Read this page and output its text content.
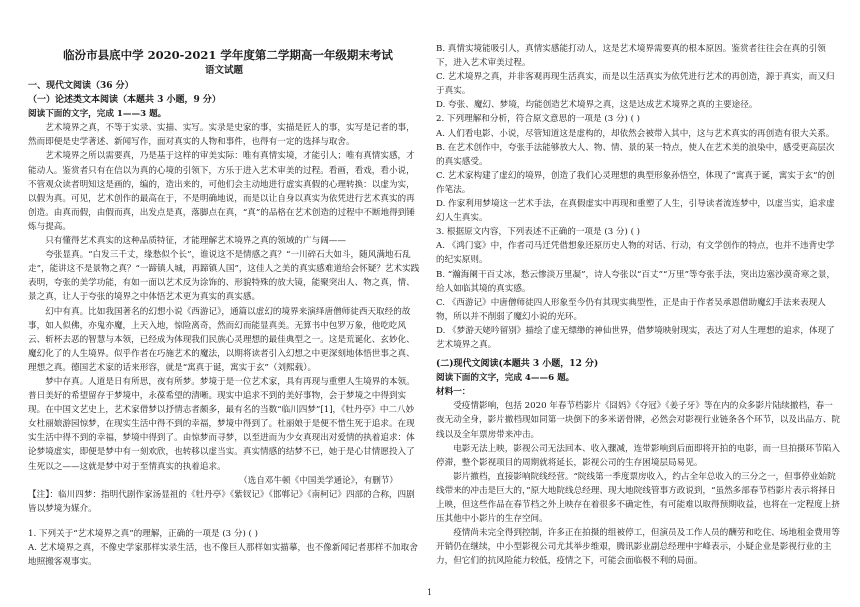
临汾市县底中学 2020-2021 学年度第二学期高一年级期末考试

语文试题

一、现代文阅读（36 分）

（一）论述类文本阅读（本题共 3 小题，9 分）

阅读下面的文字，完成 1——3 题。

艺术境界之真，不等于实录、实描、实写。实录是史家的事，实描是匠人的事，实写是记者的事，然而即便是史学著述、新闻写作，面对真实的人物和事件，也得有一定的选择与取舍。

艺术境界之所以需要真，乃是基于这样的审美实际：唯有真情实境，才能引人；唯有真情实感，才能动人。鉴赏者只有在信以为真的心境的引领下，方乐于进入艺术审美的过程。看画，看戏，看小说，不管观众读者明知这是画的，编的，造出来的，可他们会主动地进行虚实真假的心理转换：以虚为实，以假为真。可见，艺术创作的最高在于，不是明确地说，而是以让自身以真实为依凭进行艺术真实的再创造。由真而假，由假而真，出发点是真，落脚点在真，“真”的品格在艺术创造的过程中不断地得到锤炼与提高。

只有懂得艺术真实的这种品质特征，才能理解艺术境界之真的领域的广与阔——

夸张显真。“白发三千丈，缘愁似个长”，谁说这不是情感之真？“一川碎石大如斗，随风满地石乱走”，能讲这不是景物之真？“一蹄镇人城，再蹄镇人国”，这佳人之美的真实感难道给会怀疑？艺术实践表明，夸张的美学功能，有如一面以艺术反为涂饰的、形貌特殊的放大镜，能聚突出人、物之真，情、景之真，让人于夸张的境界之中体悟艺术更为真实的真实感。

幻中有真。比如我国著名的幻想小说《西游记》，通篇以虚幻的境界来演绎唐僧师徒西天取经的故事，如人似佛，亦鬼亦魔，上天入地，惊险离奇，然而幻而能显真美。无算书中包罗万象，他吃吃风云、斩杯去恶的智慧与本领，已经成为体现我们民族心灵理想的最佳典型之一。这是荒诞化、玄妙化、魔幻化了的人生境界。似乎作者在巧施艺术的魔法，以期将读者引入幻想之中更深刻地体悟世事之真、理想之真。德国艺术家的话来形容，就是“寓真于诞，寓实于玄”（刘熙载）。

梦中存真。人道是日有所思，夜有所梦。梦境于是一位艺术家，具有再现与重塑人生境界的本领。普日美好的希望留存于梦境中，永葆希望的清晰。现实中追求不到的美好事物，会于梦境之中得到实现。在中国文艺史上，艺术家借梦以抒情志者颇多，最有名的当数“临川四梦”[1]，《牡丹亭》中二八妙女杜丽娘游园惊梦，在现实生活中得不到的幸福，梦境中得到了。杜丽娘于是便不惜生死于追求。在现实生活中得不到的幸福，梦境中得到了。由惊梦而寻梦，以至进而为少女真现出对爱情的执着追求：体论梦境虚实，即便是梦中有一刻欢欣，也转移以虚当实。真实情感的结梦不已，她于是心甘情愿投入了生死以之——这就是梦中对于至情真实的执着追求。

（选自邓牛顿《中国美学通论》，有删节）

【注】：临川四梦：指明代剧作家汤显祖的《牡丹亭》《紫钗记》《邯郸记》《南柯记》四部的合称，四剧皆以梦境为媒介。

1. 下列关于“艺术境界之真”的理解，正确的一项是 (3 分) ( )

A. 艺术境界之真，不像史学家那样实录生活，也不像巨人那样如实描摹，也不像新闻记者那样不加取舍地照搬客观事实。

B. 真情实境能吸引人，真情实感能打动人，这是艺术境界需要真的根本原因。鉴赏者往往会在真的引领下，进入艺术审美过程。

C. 艺术境界之真，并非客观再现生活真实，而是以生活真实为依凭进行艺术的再创造，源于真实，而又归于真实。

D. 夸张、魔幻、梦境，均能创造艺术境界之真，这是达成艺术境界之真的主要途径。

2. 下列理解和分析，符合原文意思的一项是 (3 分) ( )

A. 人们看电影、小说，尽管知道这是虚构的，却依然会被带入其中，这与艺术真实的再创造有很大关系。

B. 在艺术创作中，夸张手法能够放大人、物、情、景的某一特点，使人在艺术美的浪染中，感受更高层次的真实感受。

C. 艺术家构建了虚幻的境界，创造了我们心灵理想的典型形象孙悟空，体现了“寓真于诞，寓实于玄”的创作笔法。

D. 作家利用梦境这一艺术手法，在真假虚实中再现和重塑了人生，引导读者流连梦中，以虚当实，追求虚幻人生真实。

3. 根据原文内容，下列表述不正确的一项是 (3 分) ( )

A. 《鸿门宴》中，作者司马迁凭借想象还原历史人物的对话、行动，有文学创作的特点，也并不违背史学的纪实原则。

B. “瀚海阑干百丈冰，愁云惨淡万里凝”，诗人夸张以“百丈”“万里”等夸张手法，突出边塞沙漠奇寒之景，给人如临其境的真实感。

C. 《西游记》中唐僧师徒四人形象至今仍有其现实典型性，正是由于作者吴承恩借助魔幻手法来表现人物，所以并不削弱了魔幻小说的光环。

D. 《梦游天姥吟留别》描绘了虚无缥缈的神仙世界，借梦境映射现实，表达了对人生理想的追求，体现了艺术境界之真。

(二)现代文阅读(本题共 3 小题，12 分)

阅读下面的文字，完成 4——6 题。

材料一：

受疫情影响，包括 2020 年春节档影片《囧妈》《夺冠》《姜子牙》等在内的众多影片陆续撤档，春一夜无动全身，影片撤档现如同第一块倒下的多米诺骨牌，必然会对影视行业链条各个环节，以及出品方、院线以及全年票房带来冲击。

电影无法上映，影视公司无法回本、收入骤减，连带影响到后面即将开拍的电影，而一旦拍摄环节陷入停滞，整个影视项目的周期就将延长，影视公司的生存困境层局易见。

影片撤档，直接影响院线经营。“院线第一季度票房收入，约占全年总收入的三分之一，但事停业始院线带来的冲击是巨大的，”原大地院线总经理、现大地院线管事方政说到，“虽然多部春节档影片表示将择日上映，但这些作品在春节档之外上映存在着很多不确定性，有可能难以取得预期收益，也将在一定程度上挤压其他中小影片的生存空间。

疫情尚未完全得到控制，许多正在拍摄的组被停工，但演员及工作人员的酬劳和吃住、场地租金费用等开销仍在继续，中小型影视公司尤其举步维艰，腾讯影业副总经理申宇峰表示，小疑企业是影视行业的主力，但它们的抗风险能力较低，疫情之下，可能会面临极不利的局面。

1
